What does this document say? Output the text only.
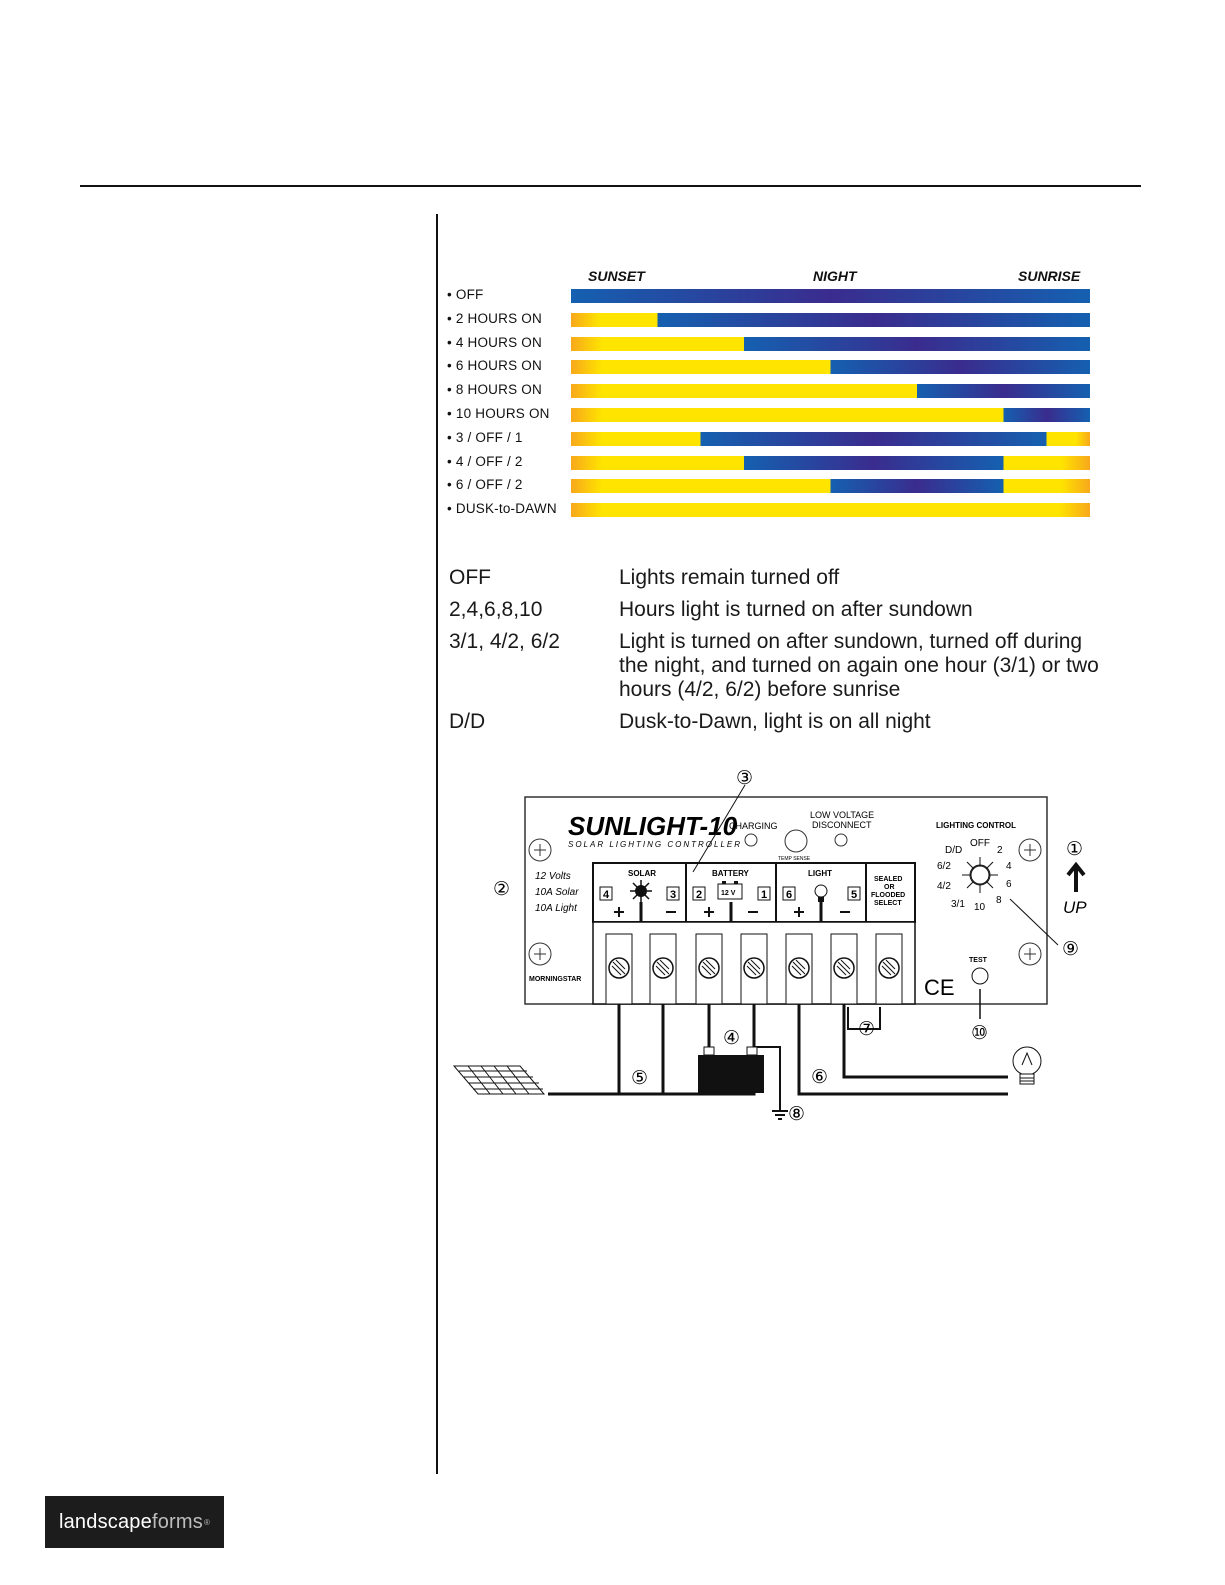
SUNSET	NIGHT	SUNRISE
• OFF
• 2 HOURS ON
• 4 HOURS ON
• 6 HOURS ON
• 8 HOURS ON
• 10 HOURS ON
• 3 / OFF / 1
• 4 / OFF / 2
• 6 / OFF / 2
• DUSK-to-DAWN
OFF	Lights remain turned off
2,4,6,8,10	Hours light is turned on after sundown
3/1, 4/2, 6/2	Light is turned on after sundown, turned off during the night, and turned on again one hour (3/1) or two hours (4/2, 6/2) before sunrise
D/D	Dusk-to-Dawn, light is on all night
SUNLIGHT-10
SOLAR LIGHTING CONTROLLER
CHARGING
TEMP SENSE
LOW VOLTAGE
DISCONNECT
12 Volts
10A Solar
10A Light
MORNINGSTAR
SOLAR	BATTERY
12 V
LIGHT
SEALED
OR
FLOODED
SELECT
4	3 2	1 6	5
LIGHTING CONTROL
OFF
2
4
6
8
10
3/1
4/2
6/2
D/D
TEST
CE
UP
①
②
③
④
⑤	⑥
⑦
⑧
⑨
⑩
landscape forms ®
